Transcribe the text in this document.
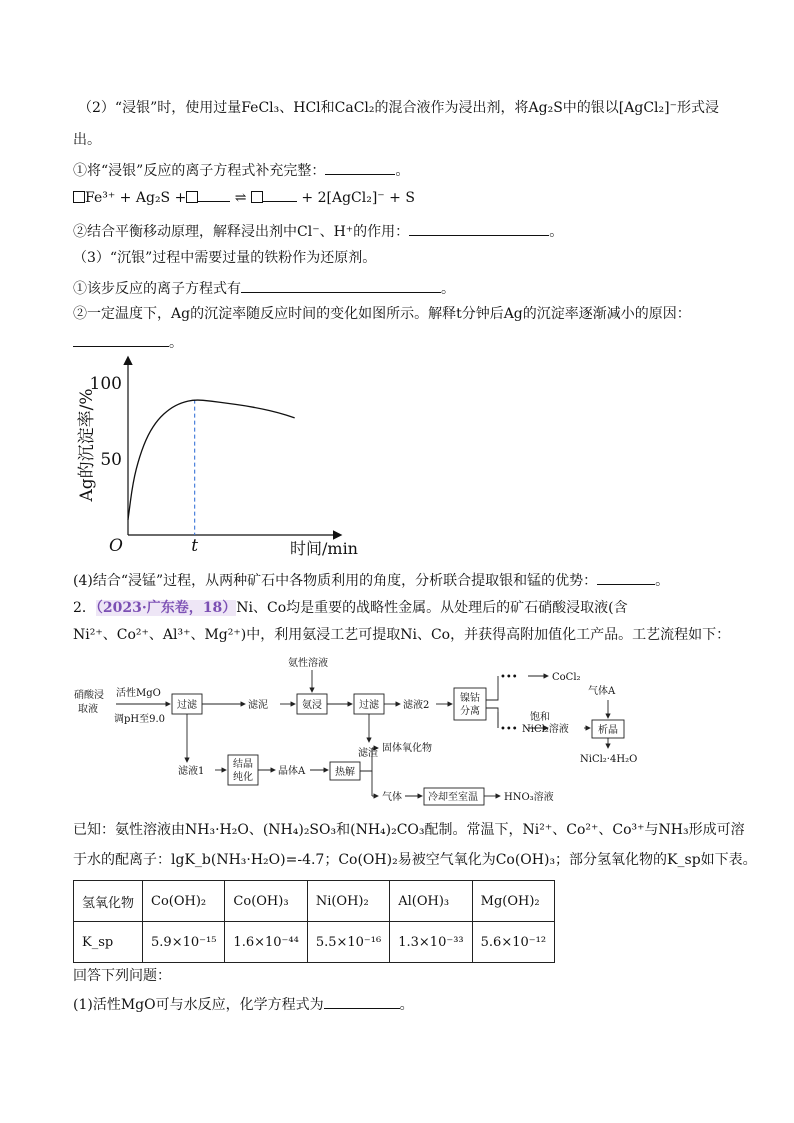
（2）“浸银”时，使用过量FeCl₃、HCl和CaCl₂的混合液作为浸出剂，将Ag₂S中的银以[AgCl₂]⁻形式浸
出。
①将“浸银”反应的离子方程式补充完整：	。
Fe³⁺ + Ag₂S +	⇌	+ 2[AgCl₂]⁻ + S
②结合平衡移动原理，解释浸出剂中Cl⁻、H⁺的作用：	。
（3）“沉银”过程中需要过量的铁粉作为还原剂。
①该步反应的离子方程式有	。
②一定温度下，Ag的沉淀率随反应时间的变化如图所示。解释t分钟后Ag的沉淀率逐渐减小的原因：
。
50
100
O	t	时间/min
Ag的沉淀率/%
(4)结合“浸锰”过程，从两种矿石中各物质利用的角度，分析联合提取银和锰的优势：	。
2．（2023·广东卷，18）Ni、Co均是重要的战略性金属。从处理后的矿石硝酸浸取液(含
Ni²⁺、Co²⁺、Al³⁺、Mg²⁺)中，利用氨浸工艺可提取Ni、Co，并获得高附加值化工产品。工艺流程如下：
硝酸浸
取液
活性MgO
调pH至9.0
过滤	滤泥
氨性溶液
氨浸	过滤
滤渣
滤液2
镍钴
分离
•••
•••
CoCl₂
饱和
NiCl₂溶液
气体A
析晶
NiCl₂·4H₂O
滤液1
结晶
纯化
晶体A	热解
固体氧化物
气体	冷却至室温	HNO₃溶液
已知：氨性溶液由NH₃·H₂O、(NH₄)₂SO₃和(NH₄)₂CO₃配制。常温下，Ni²⁺、Co²⁺、Co³⁺与NH₃形成可溶
于水的配离子：lgK_b(NH₃·H₂O)=-4.7；Co(OH)₂易被空气氧化为Co(OH)₃；部分氢氧化物的K_sp如下表。
氢氧化物	Co(OH)₂	Co(OH)₃	Ni(OH)₂	Al(OH)₃	Mg(OH)₂
K_sp	5.9×10⁻¹⁵	1.6×10⁻⁴⁴	5.5×10⁻¹⁶	1.3×10⁻³³	5.6×10⁻¹²
回答下列问题：
(1)活性MgO可与水反应，化学方程式为	。
